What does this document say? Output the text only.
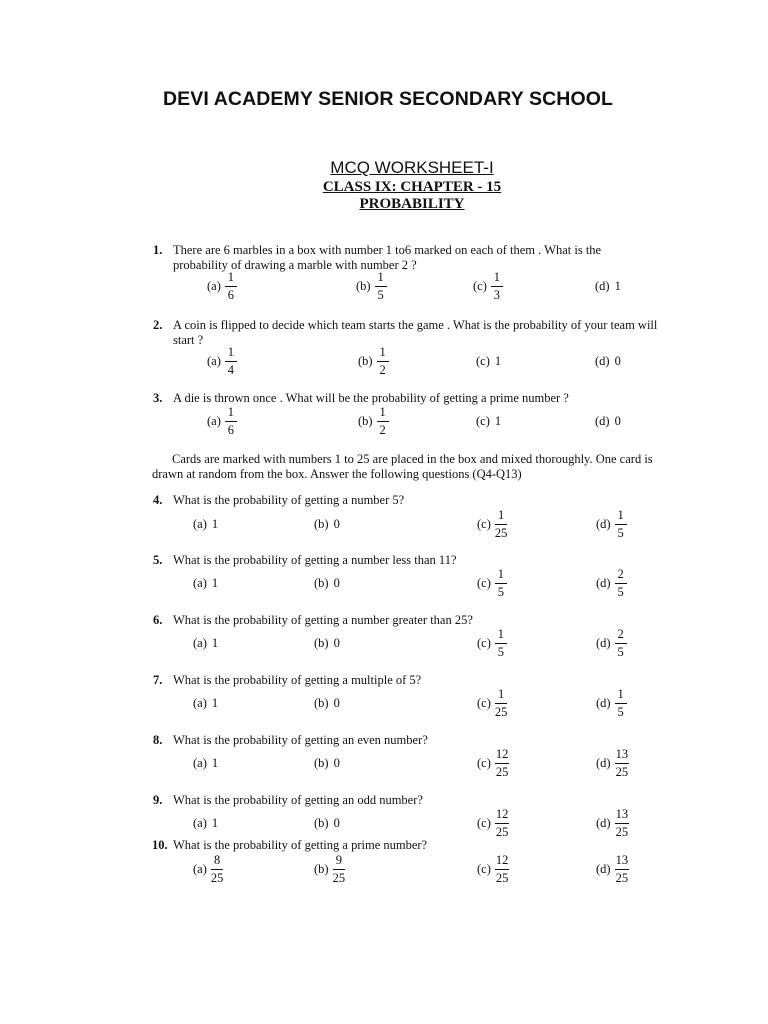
DEVI ACADEMY SENIOR SECONDARY SCHOOL
MCQ WORKSHEET-I
CLASS IX: CHAPTER - 15
PROBABILITY
Cards are marked with numbers 1 to 25 are placed in the box and mixed thoroughly. One card is
drawn at random from the box. Answer the following questions (Q4-Q13)
1. There are 6 marbles in a box with number 1 to6 marked on each of them . What is the
probability of drawing a marble with number 2 ?
$(a) \frac{1}{6}$	$(b) \frac{1}{5}$	$(c) \frac{1}{3}$	(d) 1
2. A coin is flipped to decide which team starts the game . What is the probability of your team will
start ?
$(a) \frac{1}{4}$	$(b) \frac{1}{2}$	(c) 1	(d) 0
3. A die is thrown once . What will be the probability of getting a prime number ?
$(a) \frac{1}{6}$	$(b) \frac{1}{2}$	(c) 1	(d) 0
4. What is the probability of getting a number 5?
(a) 1	(b) 0	$(c) \frac{1}{25}$	$(d) \frac{1}{5}$
5. What is the probability of getting a number less than 11?
(a) 1	(b) 0	$(c) \frac{1}{5}$	$(d) \frac{2}{5}$
6. What is the probability of getting a number greater than 25?
(a) 1	(b) 0	$(c) \frac{1}{5}$	$(d) \frac{2}{5}$
7. What is the probability of getting a multiple of 5?
(a) 1	(b) 0	$(c) \frac{1}{25}$	$(d) \frac{1}{5}$
8. What is the probability of getting an even number?
(a) 1	(b) 0	$(c) \frac{12}{25}$	$(d) \frac{13}{25}$
9. What is the probability of getting an odd number?
(a) 1	(b) 0	$(c) \frac{12}{25}$	$(d) \frac{13}{25}$
10. What is the probability of getting a prime number?
$(a) \frac{8}{25}$	$(b) \frac{9}{25}$	$(c) \frac{12}{25}$	$(d) \frac{13}{25}$
